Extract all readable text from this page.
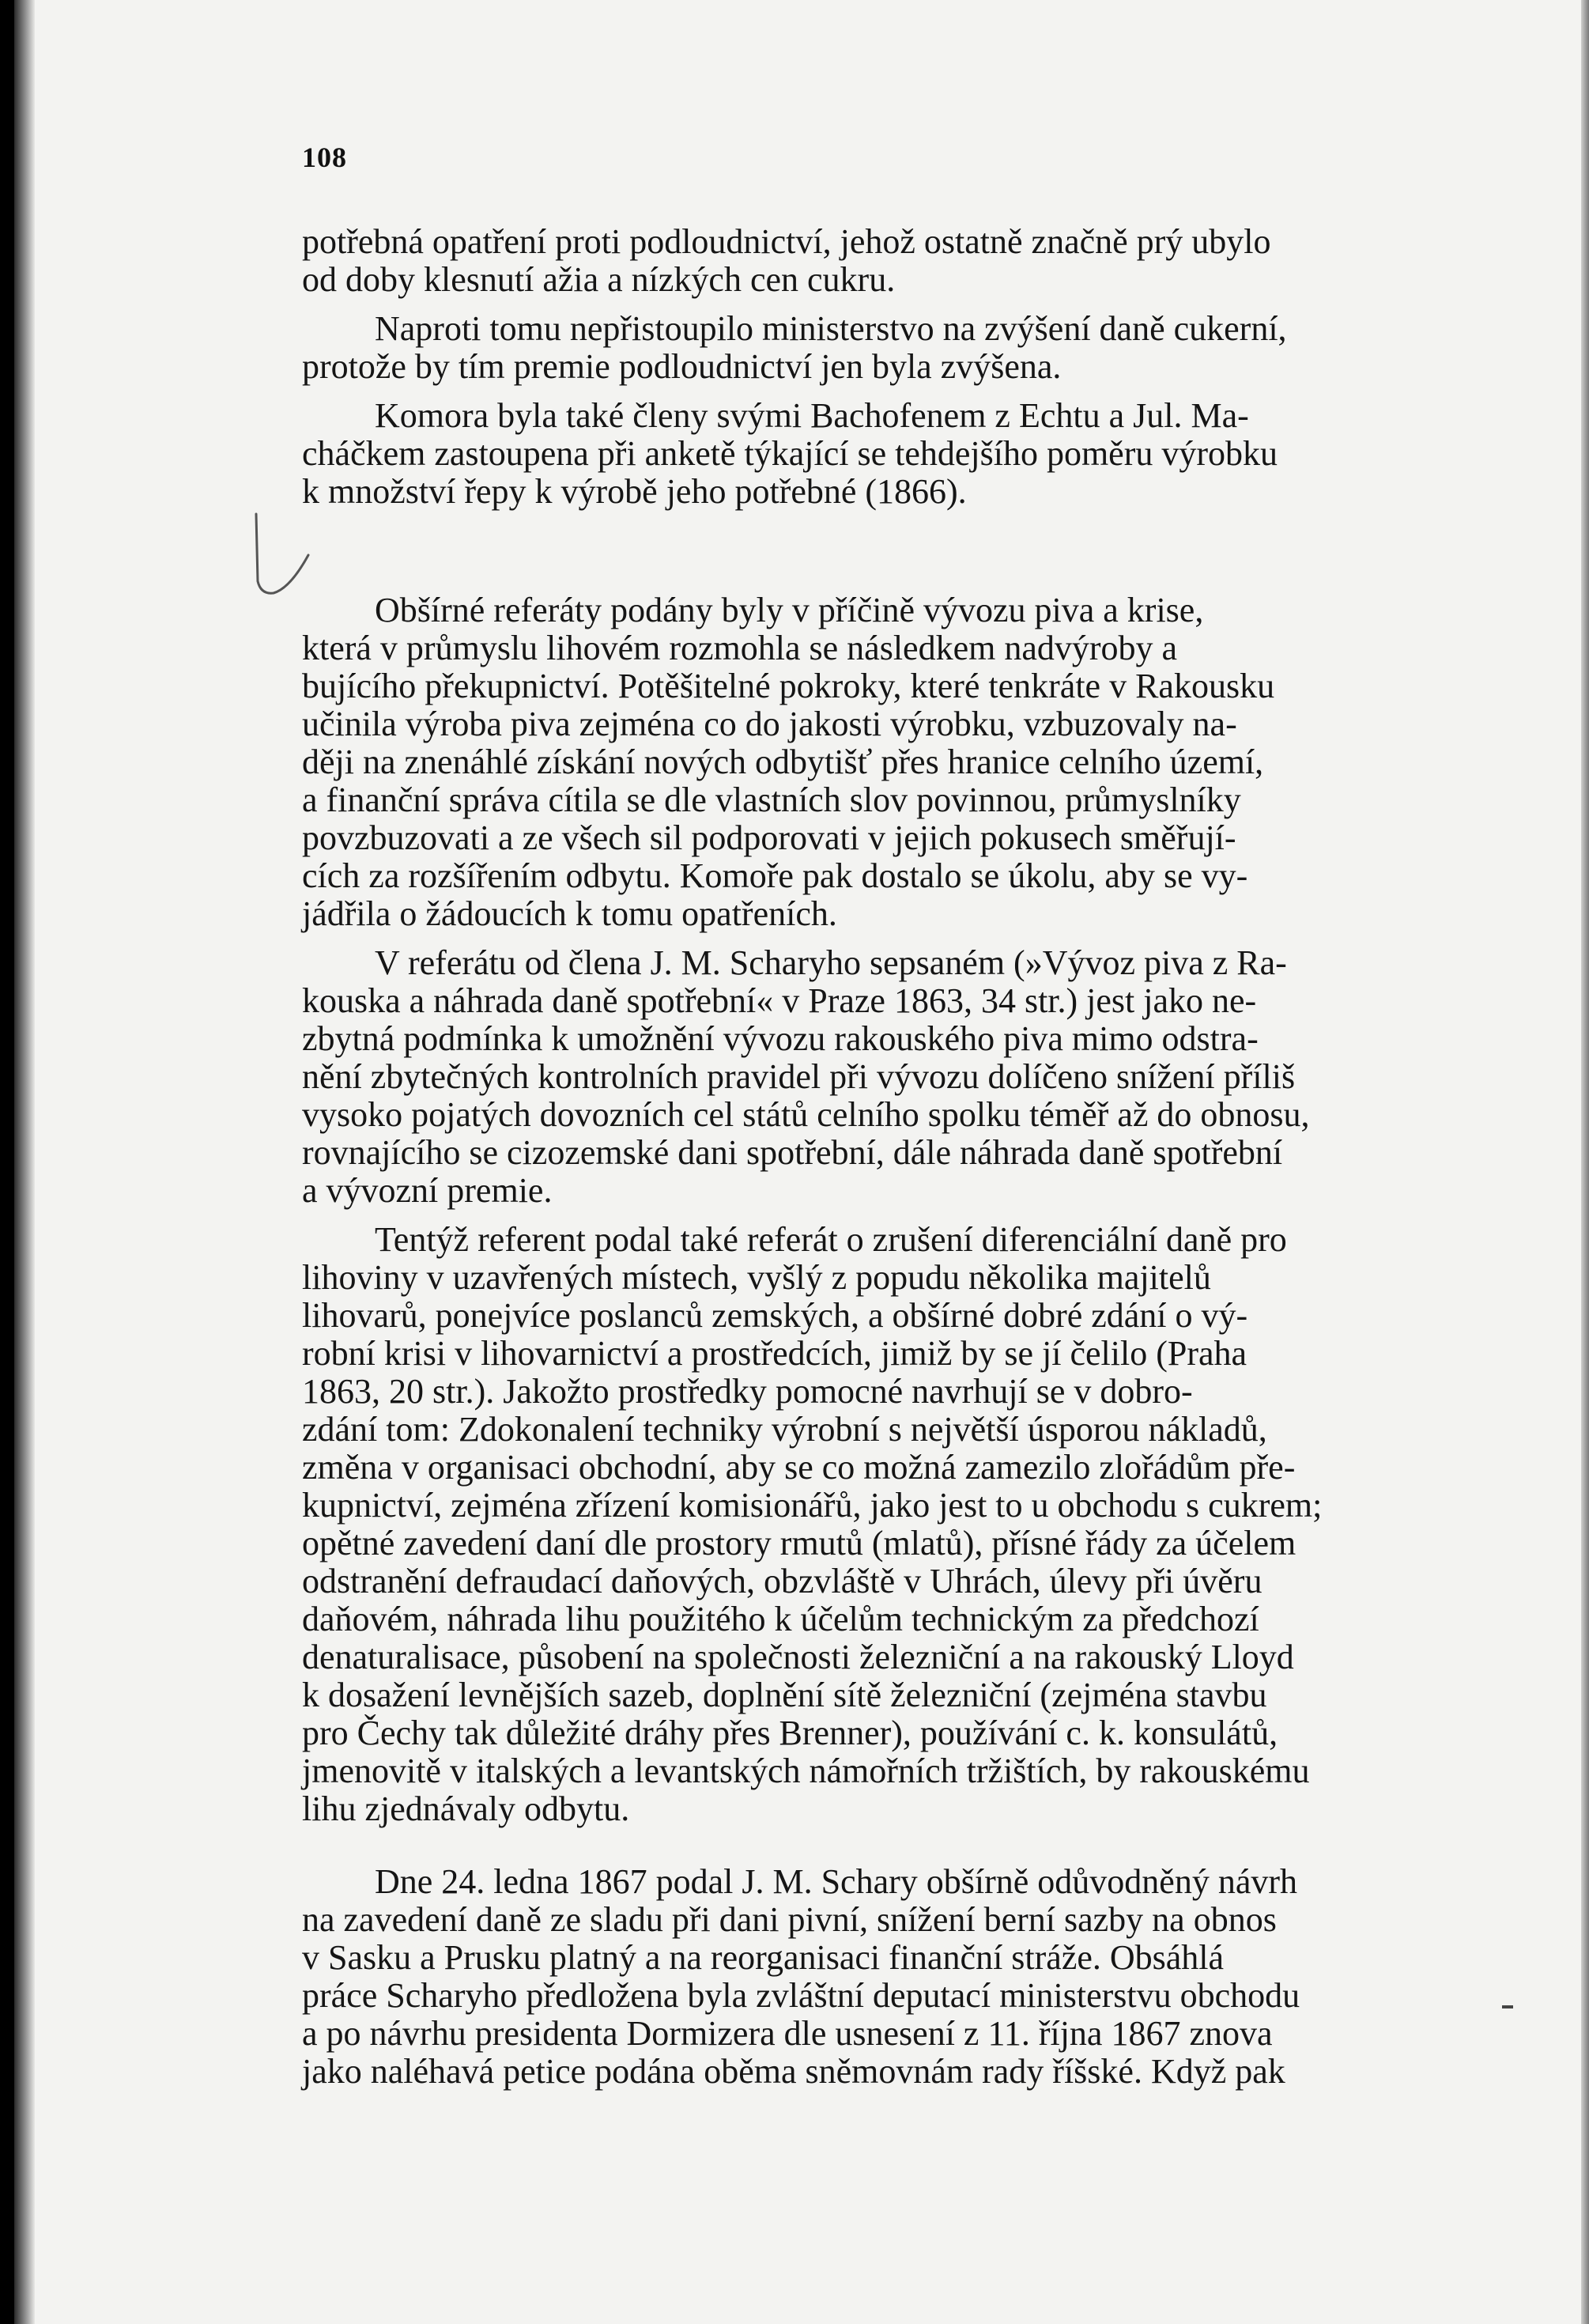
108

potřebná opatření proti podloudnictví, jehož ostatně značně prý ubylo
od doby klesnutí ažia a nízkých cen cukru.

Naproti tomu nepřistoupilo ministerstvo na zvýšení daně cukerní,
protože by tím premie podloudnictví jen byla zvýšena.

Komora byla také členy svými Bachofenem z Echtu a Jul. Ma-
cháčkem zastoupena při anketě týkající se tehdejšího poměru výrobku
k množství řepy k výrobě jeho potřebné (1866).

Obšírné referáty podány byly v příčině vývozu piva a krise,
která v průmyslu lihovém rozmohla se následkem nadvýroby a
bujícího překupnictví. Potěšitelné pokroky, které tenkráte v Rakousku
učinila výroba piva zejména co do jakosti výrobku, vzbuzovaly na-
ději na znenáhlé získání nových odbytišť přes hranice celního území,
a finanční správa cítila se dle vlastních slov povinnou, průmyslníky
povzbuzovati a ze všech sil podporovati v jejich pokusech směřují-
cích za rozšířením odbytu. Komoře pak dostalo se úkolu, aby se vy-
jádřila o žádoucích k tomu opatřeních.

V referátu od člena J. M. Scharyho sepsaném (»Vývoz piva z Ra-
kouska a náhrada daně spotřební« v Praze 1863, 34 str.) jest jako ne-
zbytná podmínka k umožnění vývozu rakouského piva mimo odstra-
nění zbytečných kontrolních pravidel při vývozu dolíčeno snížení příliš
vysoko pojatých dovozních cel států celního spolku téměř až do obnosu,
rovnajícího se cizozemské dani spotřební, dále náhrada daně spotřební
a vývozní premie.

Tentýž referent podal také referát o zrušení diferenciální daně pro
lihoviny v uzavřených místech, vyšlý z popudu několika majitelů
lihovarů, ponejvíce poslanců zemských, a obšírné dobré zdání o vý-
robní krisi v lihovarnictví a prostředcích, jimiž by se jí čelilo (Praha
1863, 20 str.). Jakožto prostředky pomocné navrhují se v dobro-
zdání tom: Zdokonalení techniky výrobní s největší úsporou nákladů,
změna v organisaci obchodní, aby se co možná zamezilo zlořádům pře-
kupnictví, zejména zřízení komisionářů, jako jest to u obchodu s cukrem;
opětné zavedení daní dle prostory rmutů (mlatů), přísné řády za účelem
odstranění defraudací daňových, obzvláště v Uhrách, úlevy při úvěru
daňovém, náhrada lihu použitého k účelům technickým za předchozí
denaturalisace, působení na společnosti železniční a na rakouský Lloyd
k dosažení levnějších sazeb, doplnění sítě železniční (zejména stavbu
pro Čechy tak důležité dráhy přes Brenner), používání c. k. konsulátů,
jmenovitě v italských a levantských námořních tržištích, by rakouskému
lihu zjednávaly odbytu.

Dne 24. ledna 1867 podal J. M. Schary obšírně odůvodněný návrh
na zavedení daně ze sladu při dani pivní, snížení berní sazby na obnos
v Sasku a Prusku platný a na reorganisaci finanční stráže. Obsáhlá
práce Scharyho předložena byla zvláštní deputací ministerstvu obchodu
a po návrhu presidenta Dormizera dle usnesení z 11. října 1867 znova
jako naléhavá petice podána oběma sněmovnám rady říšské. Když pak
